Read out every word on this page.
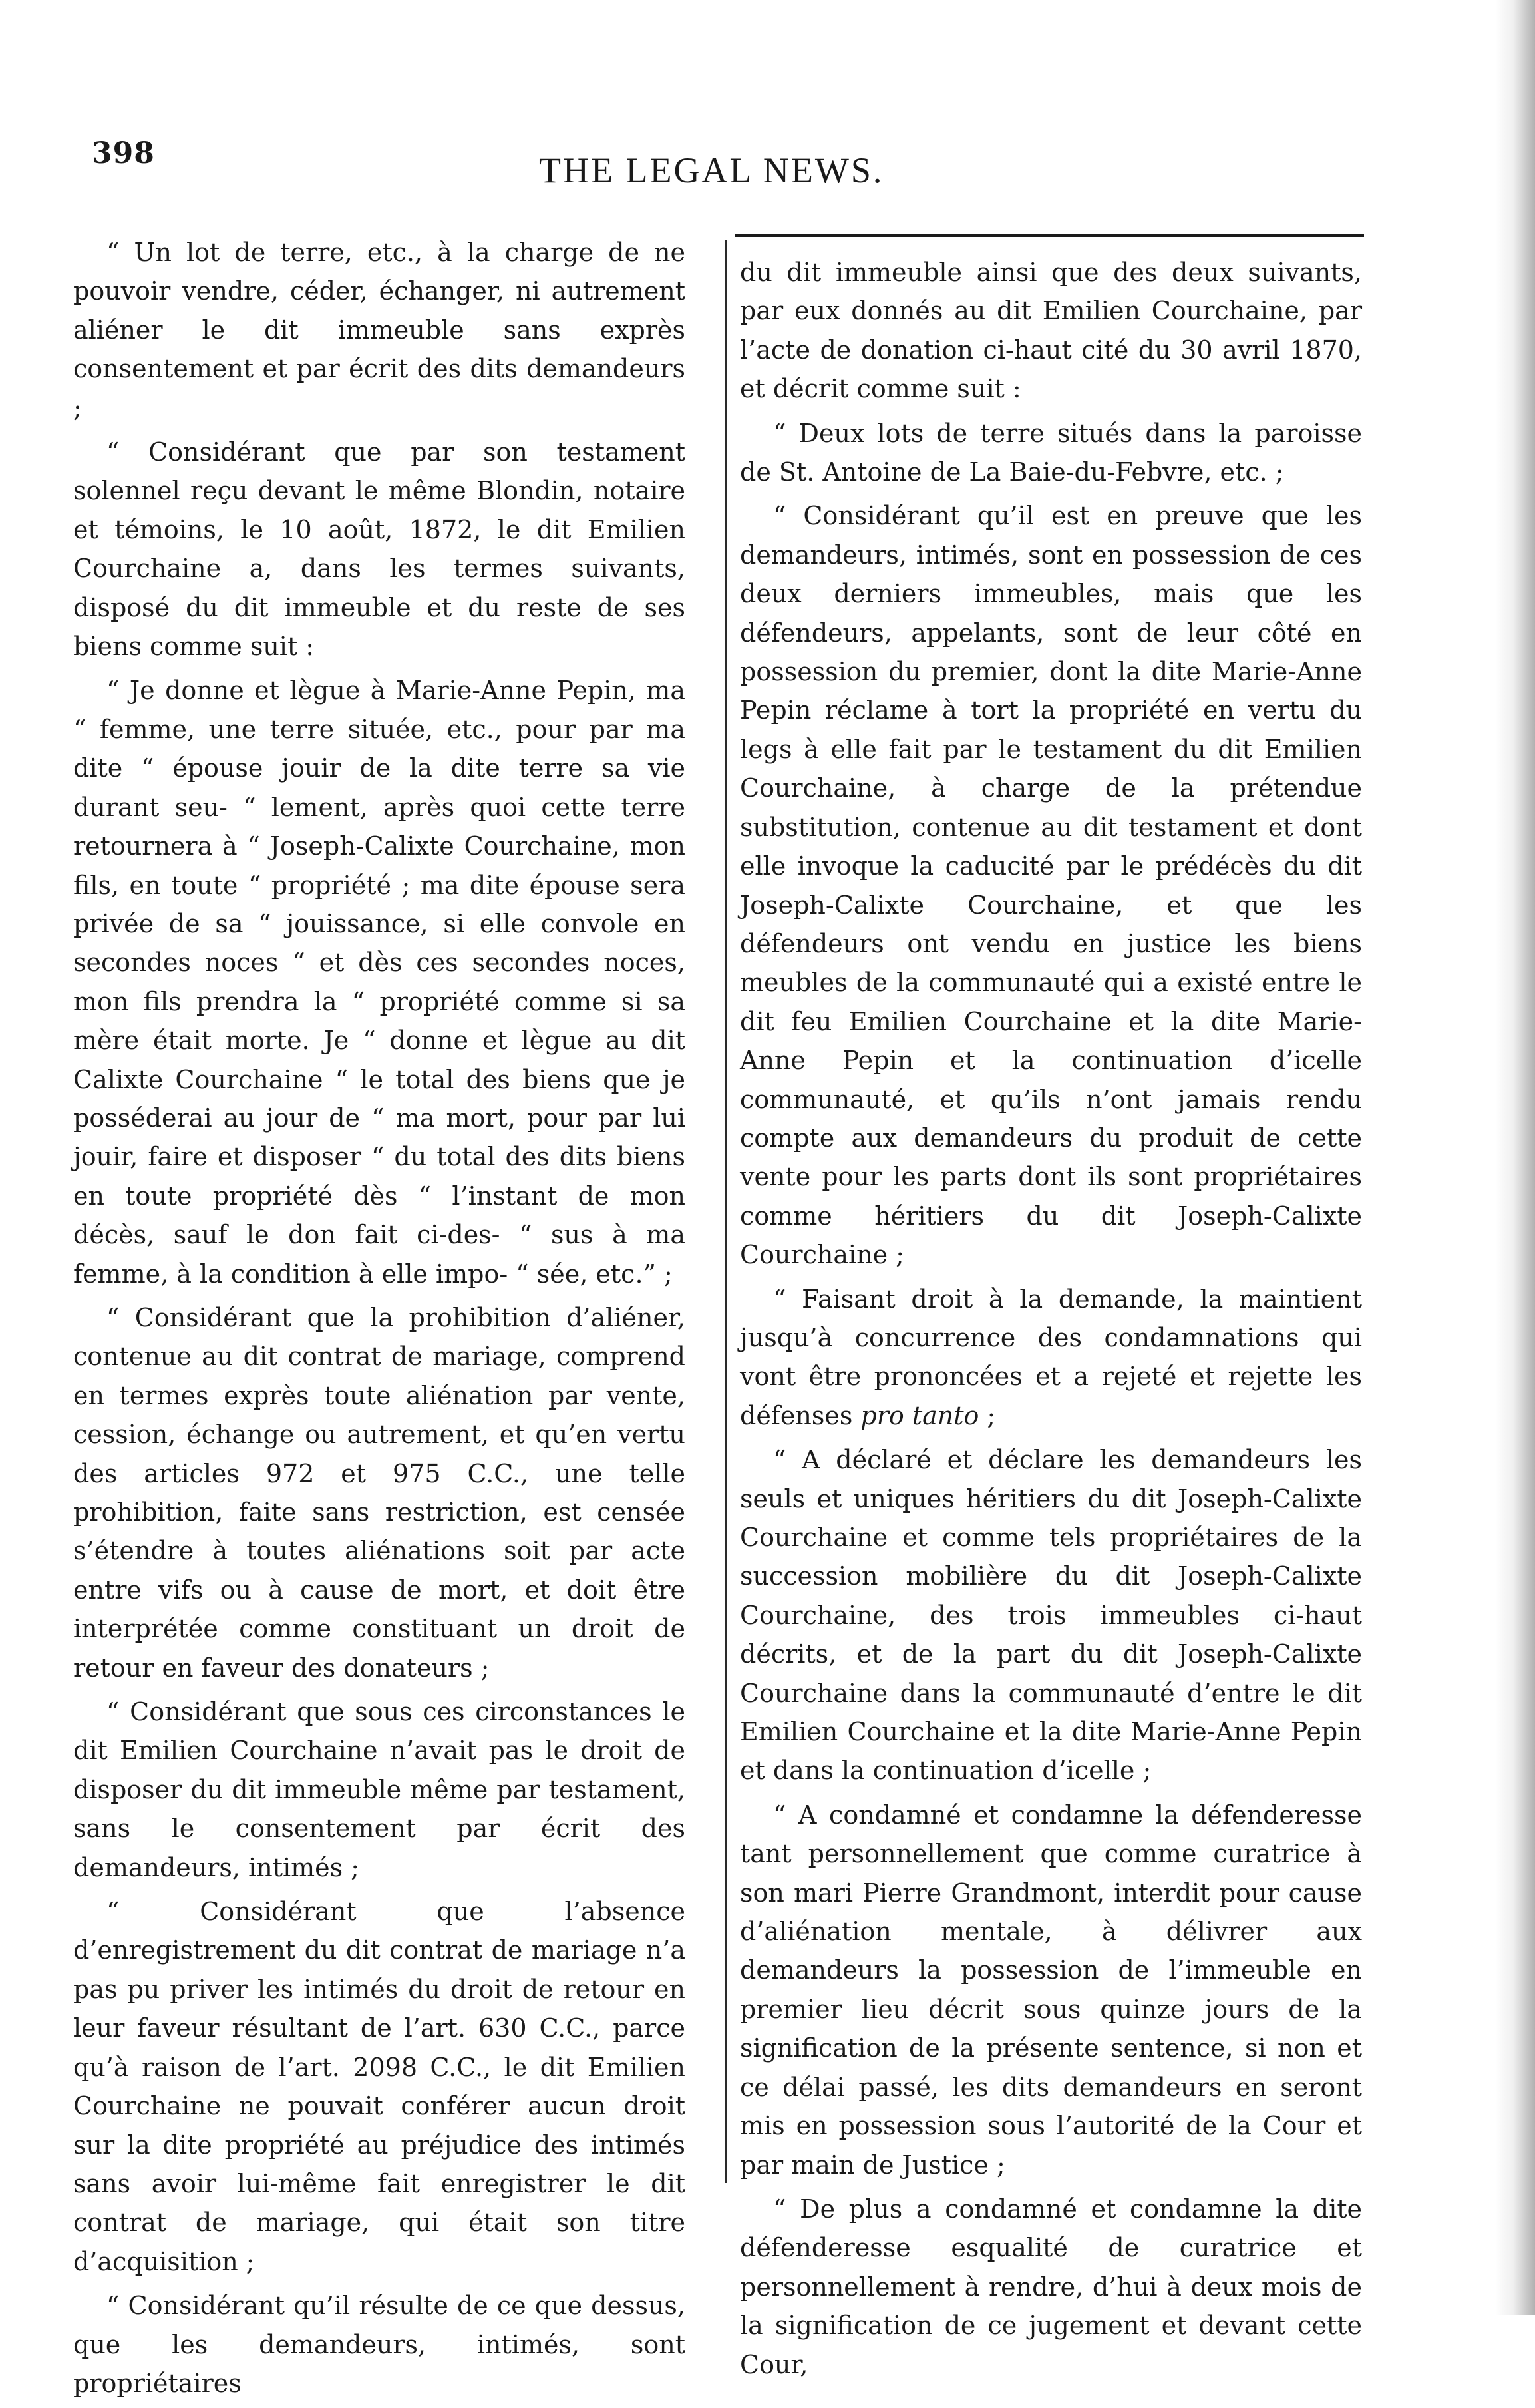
398	THE LEGAL NEWS.

“ Un lot de terre, etc., à la charge de ne pouvoir vendre, céder, échanger, ni autrement aliéner le dit immeuble sans exprès consentement et par écrit des dits demandeurs ;

“ Considérant que par son testament solennel reçu devant le même Blondin, notaire et témoins, le 10 août, 1872, le dit Emilien Courchaine a, dans les termes suivants, disposé du dit immeuble et du reste de ses biens comme suit :

“ Je donne et lègue à Marie-Anne Pepin, ma “ femme, une terre située, etc., pour par ma dite “ épouse jouir de la dite terre sa vie durant seu- “ lement, après quoi cette terre retournera à “ Joseph-Calixte Courchaine, mon fils, en toute “ propriété ; ma dite épouse sera privée de sa “ jouissance, si elle convole en secondes noces “ et dès ces secondes noces, mon fils prendra la “ propriété comme si sa mère était morte. Je “ donne et lègue au dit Calixte Courchaine “ le total des biens que je posséderai au jour de “ ma mort, pour par lui jouir, faire et disposer “ du total des dits biens en toute propriété dès “ l’instant de mon décès, sauf le don fait ci-des- “ sus à ma femme, à la condition à elle impo- “ sée, etc.” ;

“ Considérant que la prohibition d’aliéner, contenue au dit contrat de mariage, comprend en termes exprès toute aliénation par vente, cession, échange ou autrement, et qu’en vertu des articles 972 et 975 C.C., une telle prohibition, faite sans restriction, est censée s’étendre à toutes aliénations soit par acte entre vifs ou à cause de mort, et doit être interprétée comme constituant un droit de retour en faveur des donateurs ;

“ Considérant que sous ces circonstances le dit Emilien Courchaine n’avait pas le droit de disposer du dit immeuble même par testament, sans le consentement par écrit des demandeurs, intimés ;

“ Considérant que l’absence d’enregistrement du dit contrat de mariage n’a pas pu priver les intimés du droit de retour en leur faveur résultant de l’art. 630 C.C., parce qu’à raison de l’art. 2098 C.C., le dit Emilien Courchaine ne pouvait conférer aucun droit sur la dite propriété au préjudice des intimés sans avoir lui-même fait enregistrer le dit contrat de mariage, qui était son titre d’acquisition ;

“ Considérant qu’il résulte de ce que dessus, que les demandeurs, intimés, sont propriétaires

du dit immeuble ainsi que des deux suivants, par eux donnés au dit Emilien Courchaine, par l’acte de donation ci-haut cité du 30 avril 1870, et décrit comme suit :

“ Deux lots de terre situés dans la paroisse de St. Antoine de La Baie-du-Febvre, etc. ;

“ Considérant qu’il est en preuve que les demandeurs, intimés, sont en possession de ces deux derniers immeubles, mais que les défendeurs, appelants, sont de leur côté en possession du premier, dont la dite Marie-Anne Pepin réclame à tort la propriété en vertu du legs à elle fait par le testament du dit Emilien Courchaine, à charge de la prétendue substitution, contenue au dit testament et dont elle invoque la caducité par le prédécès du dit Joseph-Calixte Courchaine, et que les défendeurs ont vendu en justice les biens meubles de la communauté qui a existé entre le dit feu Emilien Courchaine et la dite Marie-Anne Pepin et la continuation d’icelle communauté, et qu’ils n’ont jamais rendu compte aux demandeurs du produit de cette vente pour les parts dont ils sont propriétaires comme héritiers du dit Joseph-Calixte Courchaine ;

“ Faisant droit à la demande, la maintient jusqu’à concurrence des condamnations qui vont être prononcées et a rejeté et rejette les défenses pro tanto ;

“ A déclaré et déclare les demandeurs les seuls et uniques héritiers du dit Joseph-Calixte Courchaine et comme tels propriétaires de la succession mobilière du dit Joseph-Calixte Courchaine, des trois immeubles ci-haut décrits, et de la part du dit Joseph-Calixte Courchaine dans la communauté d’entre le dit Emilien Courchaine et la dite Marie-Anne Pepin et dans la continuation d’icelle ;

“ A condamné et condamne la défenderesse tant personnellement que comme curatrice à son mari Pierre Grandmont, interdit pour cause d’aliénation mentale, à délivrer aux demandeurs la possession de l’immeuble en premier lieu décrit sous quinze jours de la signification de la présente sentence, si non et ce délai passé, les dits demandeurs en seront mis en possession sous l’autorité de la Cour et par main de Justice ;

“ De plus a condamné et condamne la dite défenderesse esqualité de curatrice et personnellement à rendre, d’hui à deux mois de la signification de ce jugement et devant cette Cour,
